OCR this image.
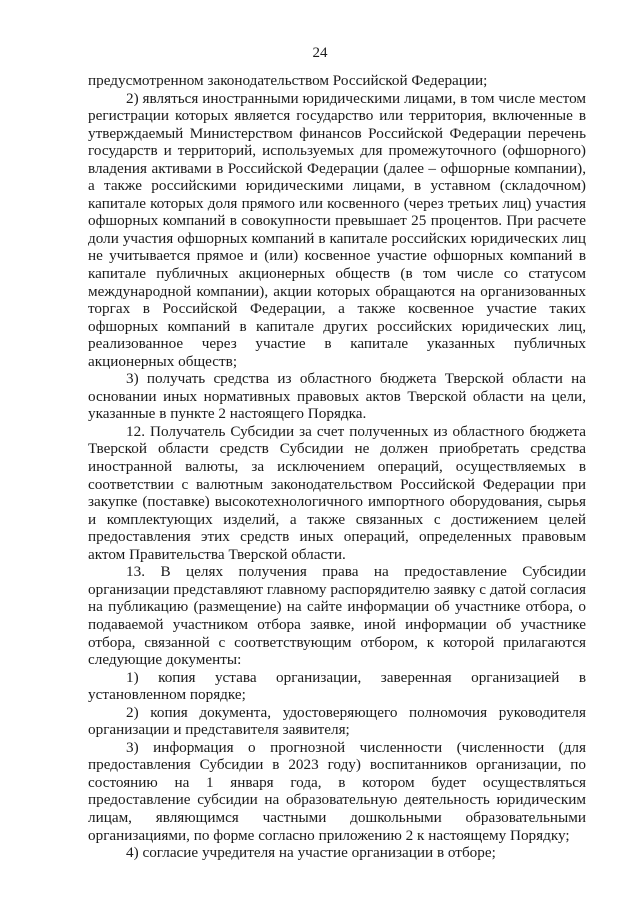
24

предусмотренном законодательством Российской Федерации;

2) являться иностранными юридическими лицами, в том числе местом регистрации которых является государство или территория, включенные в утверждаемый Министерством финансов Российской Федерации перечень государств и территорий, используемых для промежуточного (офшорного) владения активами в Российской Федерации (далее – офшорные компании), а также российскими юридическими лицами, в уставном (складочном) капитале которых доля прямого или косвенного (через третьих лиц) участия офшорных компаний в совокупности превышает 25 процентов. При расчете доли участия офшорных компаний в капитале российских юридических лиц не учитывается прямое и (или) косвенное участие офшорных компаний в капитале публичных акционерных обществ (в том числе со статусом международной компании), акции которых обращаются на организованных торгах в Российской Федерации, а также косвенное участие таких офшорных компаний в капитале других российских юридических лиц, реализованное через участие в капитале указанных публичных акционерных обществ;

3) получать средства из областного бюджета Тверской области на основании иных нормативных правовых актов Тверской области на цели, указанные в пункте 2 настоящего Порядка.

12. Получатель Субсидии за счет полученных из областного бюджета Тверской области средств Субсидии не должен приобретать средства иностранной валюты, за исключением операций, осуществляемых в соответствии с валютным законодательством Российской Федерации при закупке (поставке) высокотехнологичного импортного оборудования, сырья и комплектующих изделий, а также связанных с достижением целей предоставления этих средств иных операций, определенных правовым актом Правительства Тверской области.

13. В целях получения права на предоставление Субсидии организации представляют главному распорядителю заявку с датой согласия на публикацию (размещение) на сайте информации об участнике отбора, о подаваемой участником отбора заявке, иной информации об участнике отбора, связанной с соответствующим отбором, к которой прилагаются следующие документы:

1) копия устава организации, заверенная организацией в установленном порядке;

2) копия документа, удостоверяющего полномочия руководителя организации и представителя заявителя;

3) информация о прогнозной численности (численности (для предоставления Субсидии в 2023 году) воспитанников организации, по состоянию на 1 января года, в котором будет осуществляться предоставление субсидии на образовательную деятельность юридическим лицам, являющимся частными дошкольными образовательными организациями, по форме согласно приложению 2 к настоящему Порядку;

4) согласие учредителя на участие организации в отборе;
